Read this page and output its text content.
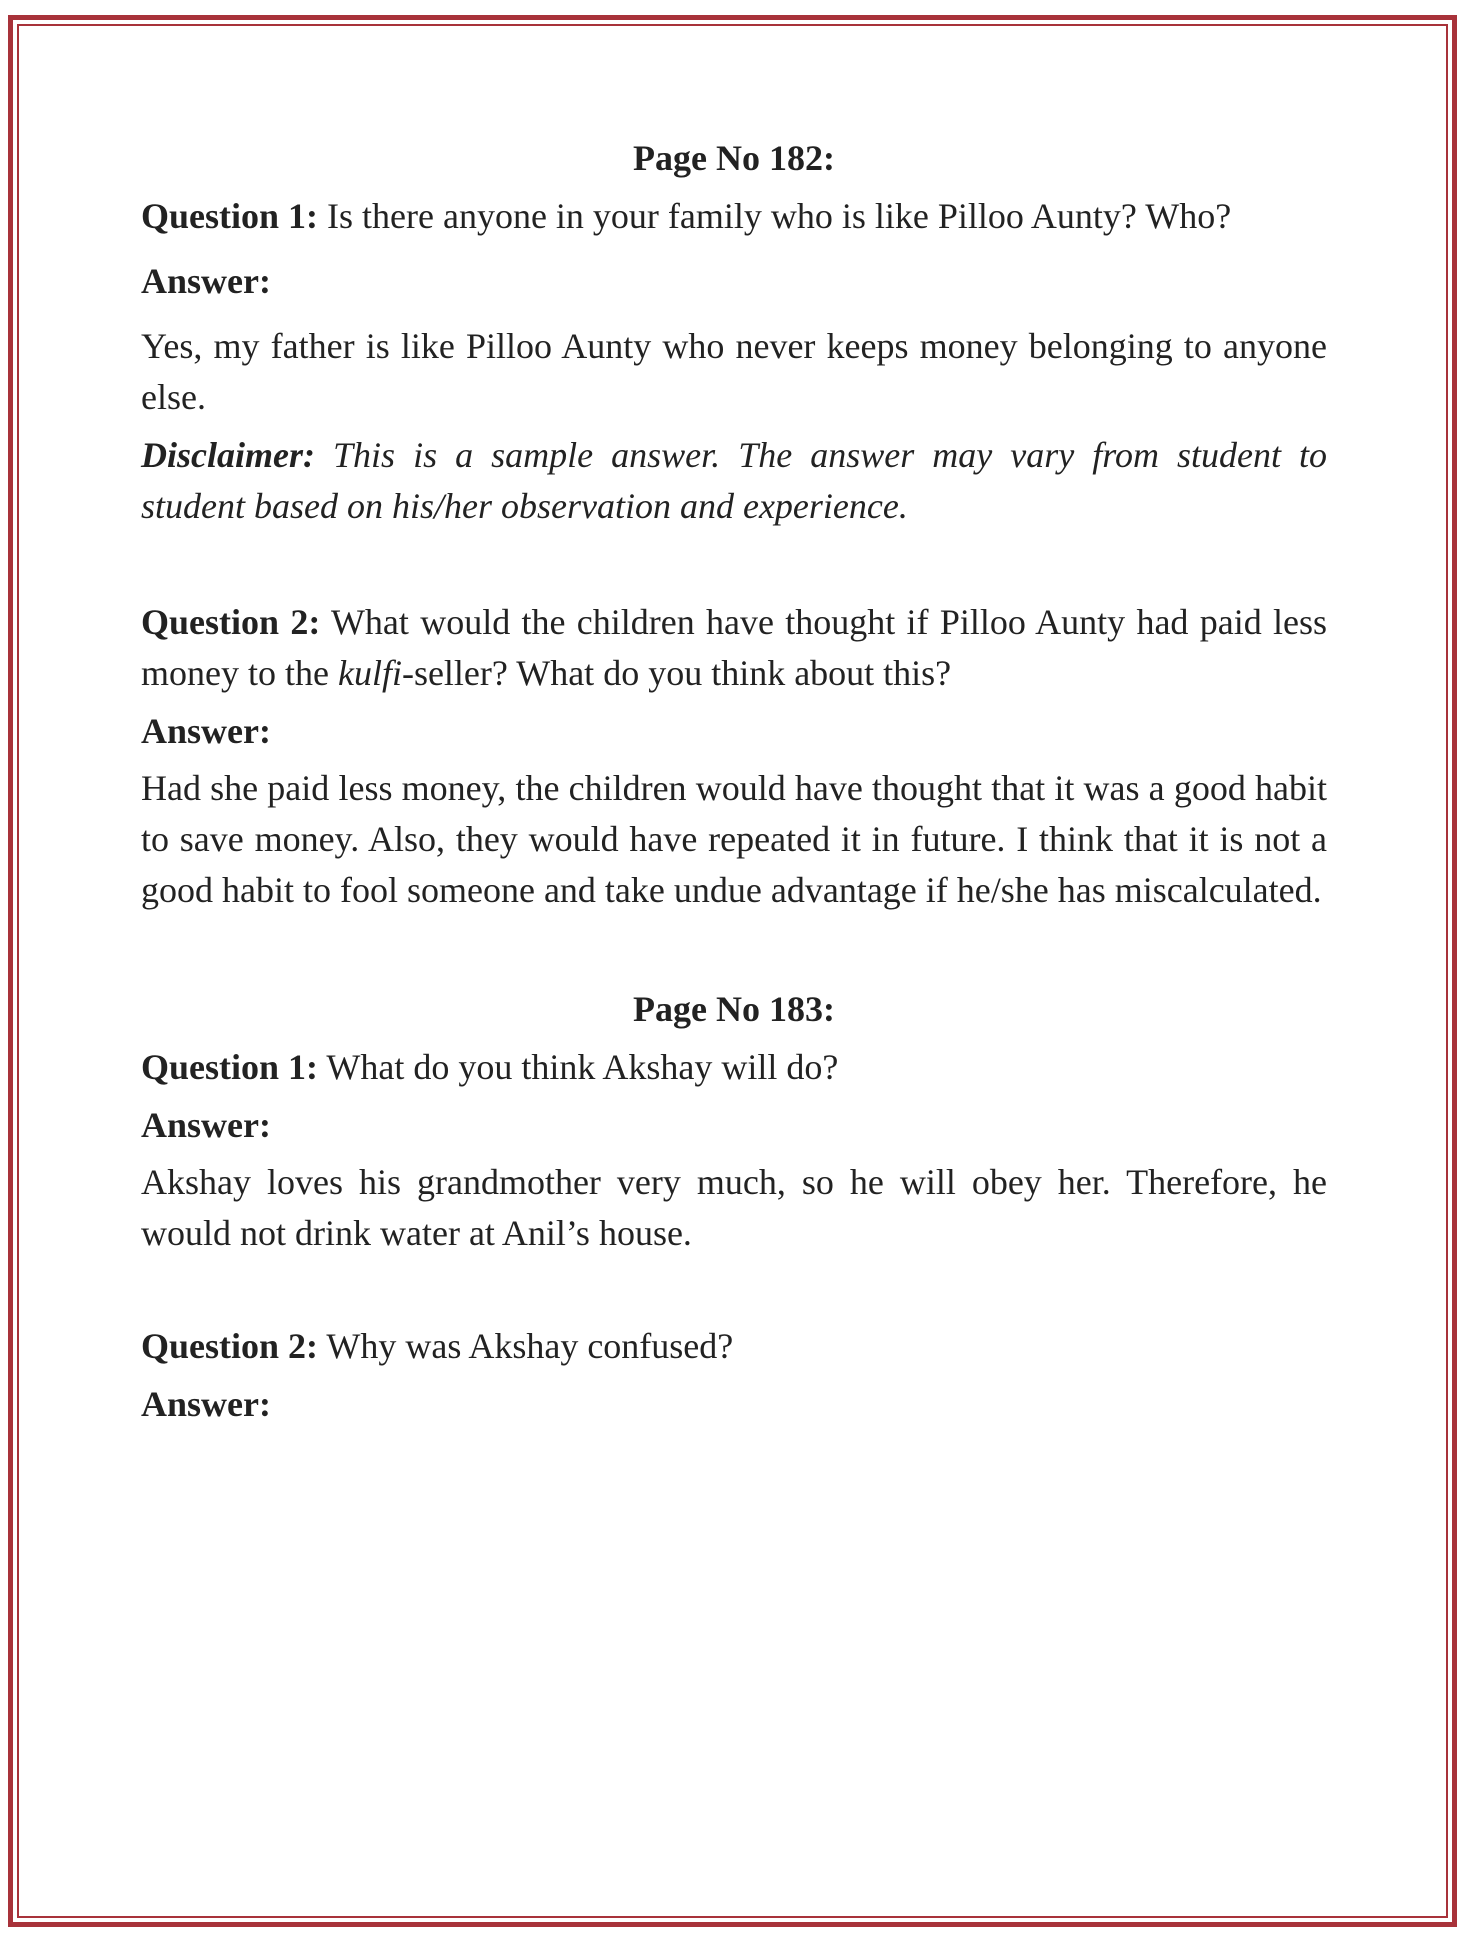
Page No 182:

Question 1: Is there anyone in your family who is like Pilloo Aunty? Who?

Answer:

Yes, my father is like Pilloo Aunty who never keeps money belonging to anyone else.

Disclaimer: This is a sample answer. The answer may vary from student to student based on his/her observation and experience.

Question 2: What would the children have thought if Pilloo Aunty had paid less money to the kulfi-seller? What do you think about this?

Answer:

Had she paid less money, the children would have thought that it was a good habit to save money. Also, they would have repeated it in future. I think that it is not a good habit to fool someone and take undue advantage if he/she has miscalculated.

Page No 183:

Question 1: What do you think Akshay will do?

Answer:

Akshay loves his grandmother very much, so he will obey her. Therefore, he would not drink water at Anil’s house.

Question 2: Why was Akshay confused?

Answer:
